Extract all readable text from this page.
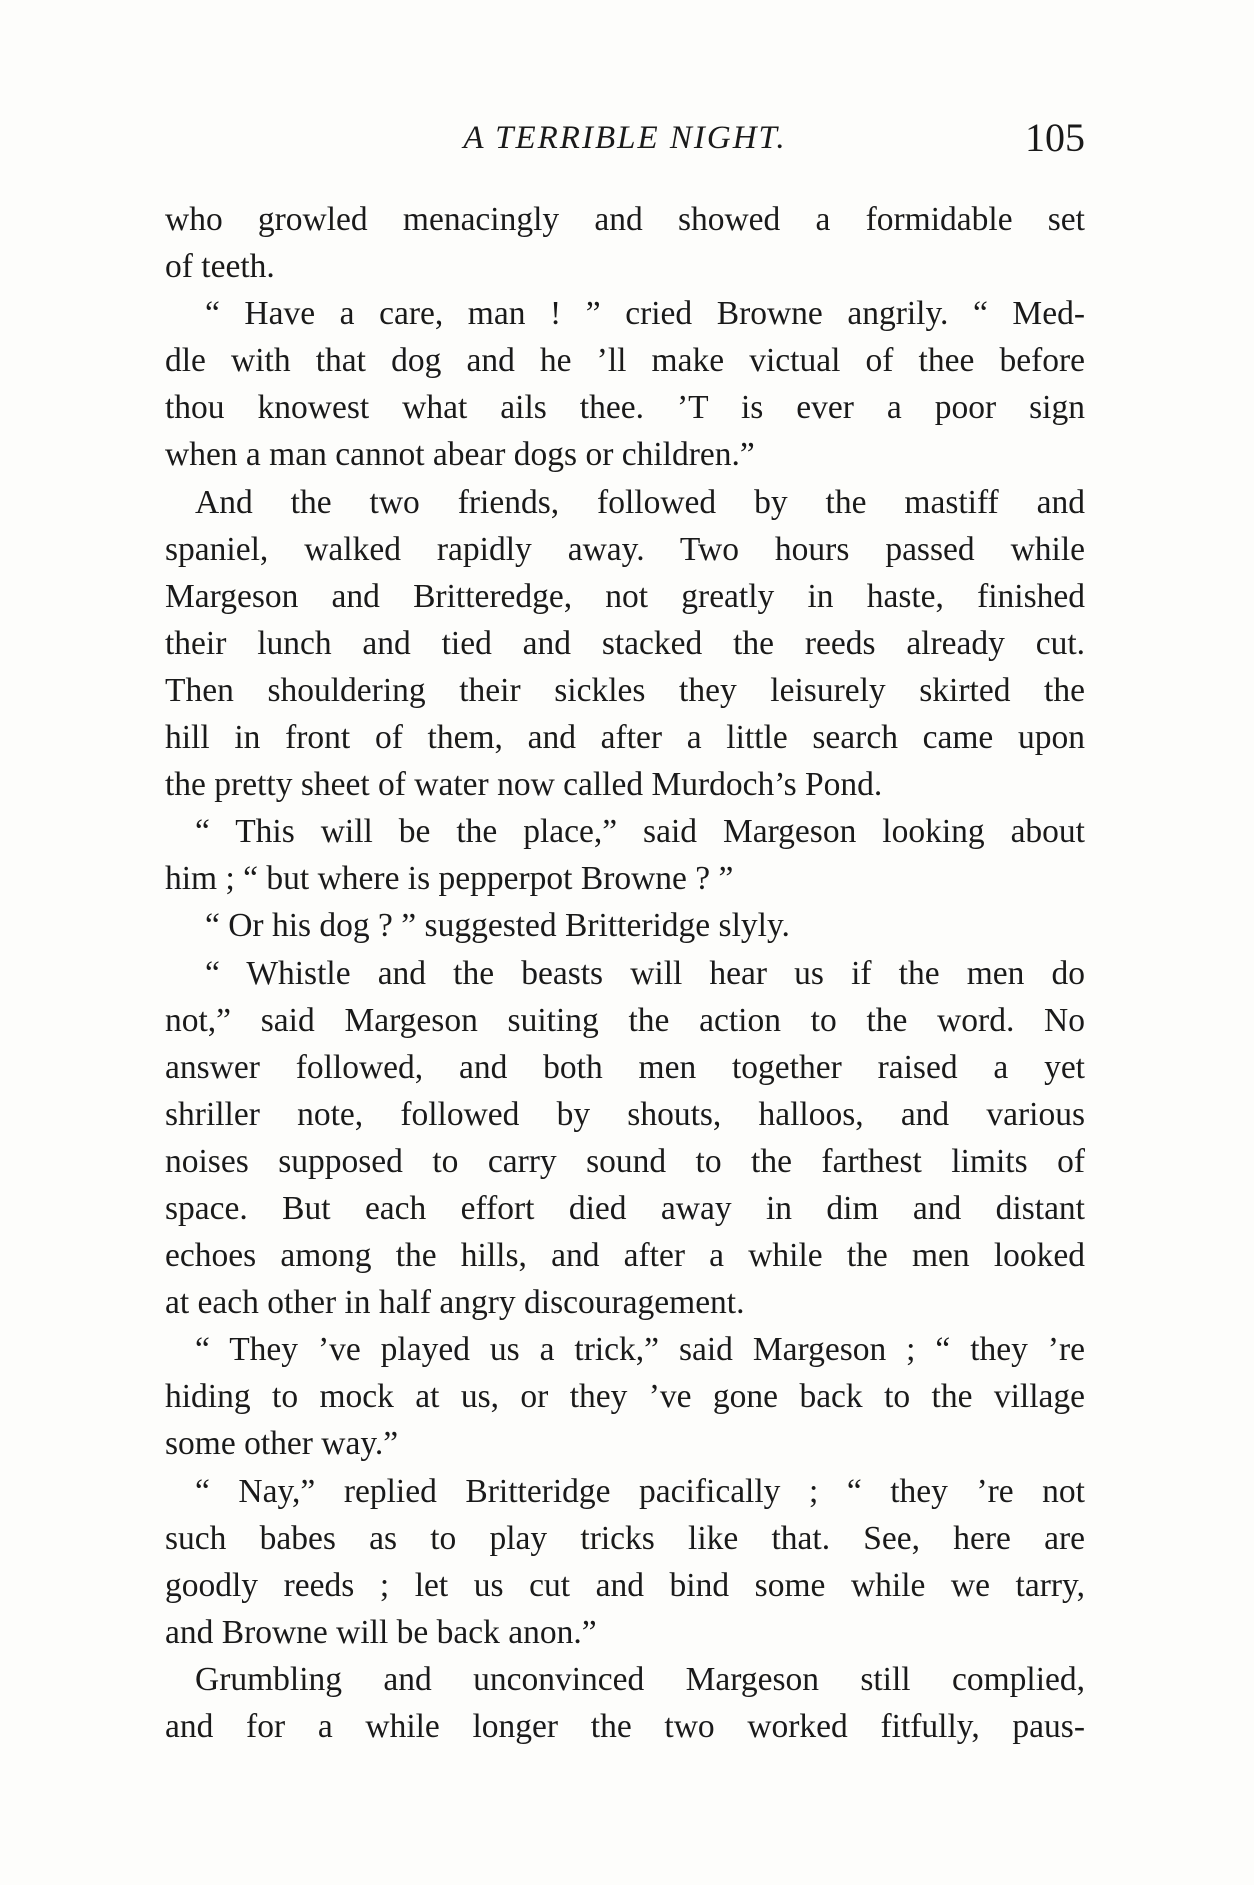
A TERRIBLE NIGHT.	105
who growled menacingly and showed a formidable set
of teeth.
“ Have a care, man ! ” cried Browne angrily. “ Med-
dle with that dog and he ’ll make victual of thee before
thou knowest what ails thee. ’T is ever a poor sign
when a man cannot abear dogs or children.”
And the two friends, followed by the mastiff and
spaniel, walked rapidly away. Two hours passed while
Margeson and Britteredge, not greatly in haste, finished
their lunch and tied and stacked the reeds already cut.
Then shouldering their sickles they leisurely skirted the
hill in front of them, and after a little search came upon
the pretty sheet of water now called Murdoch’s Pond.
“ This will be the place,” said Margeson looking about
him ; “ but where is pepperpot Browne ? ”
“ Or his dog ? ” suggested Britteridge slyly.
“ Whistle and the beasts will hear us if the men do
not,” said Margeson suiting the action to the word. No
answer followed, and both men together raised a yet
shriller note, followed by shouts, halloos, and various
noises supposed to carry sound to the farthest limits of
space. But each effort died away in dim and distant
echoes among the hills, and after a while the men looked
at each other in half angry discouragement.
“ They ’ve played us a trick,” said Margeson ; “ they ’re
hiding to mock at us, or they ’ve gone back to the village
some other way.”
“ Nay,” replied Britteridge pacifically ; “ they ’re not
such babes as to play tricks like that. See, here are
goodly reeds ; let us cut and bind some while we tarry,
and Browne will be back anon.”
Grumbling and unconvinced Margeson still complied,
and for a while longer the two worked fitfully, paus-
